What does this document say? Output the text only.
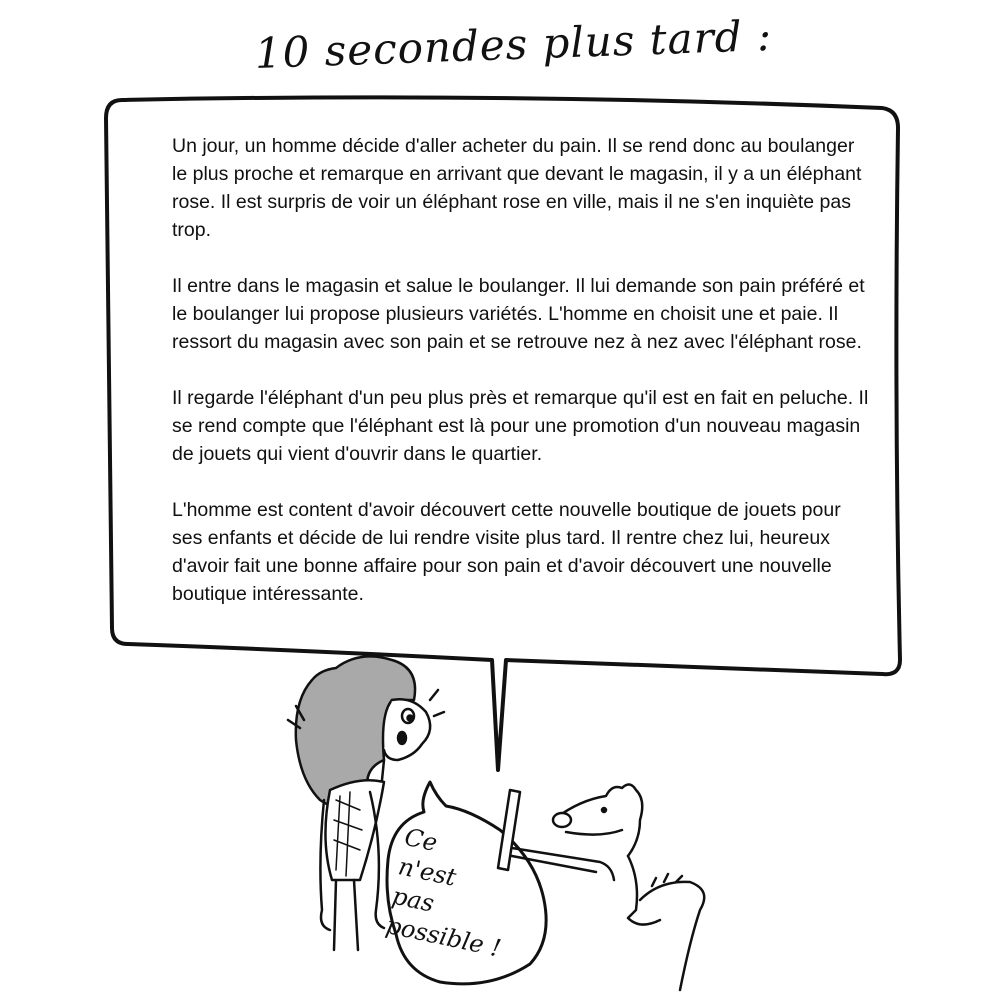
10 secondes plus tard :

Un jour, un homme décide d'aller acheter du pain. Il se rend donc au boulanger le plus proche et remarque en arrivant que devant le magasin, il y a un éléphant rose. Il est surpris de voir un éléphant rose en ville, mais il ne s'en inquiète pas trop.

Il entre dans le magasin et salue le boulanger. Il lui demande son pain préféré et le boulanger lui propose plusieurs variétés. L'homme en choisit une et paie. Il ressort du magasin avec son pain et se retrouve nez à nez avec l'éléphant rose.

Il regarde l'éléphant d'un peu plus près et remarque qu'il est en fait en peluche. Il se rend compte que l'éléphant est là pour une promotion d'un nouveau magasin de jouets qui vient d'ouvrir dans le quartier.

L'homme est content d'avoir découvert cette nouvelle boutique de jouets pour ses enfants et décide de lui rendre visite plus tard. Il rentre chez lui, heureux d'avoir fait une bonne affaire pour son pain et d'avoir découvert une nouvelle boutique intéressante.

Ce
n'est
pas
possible !
